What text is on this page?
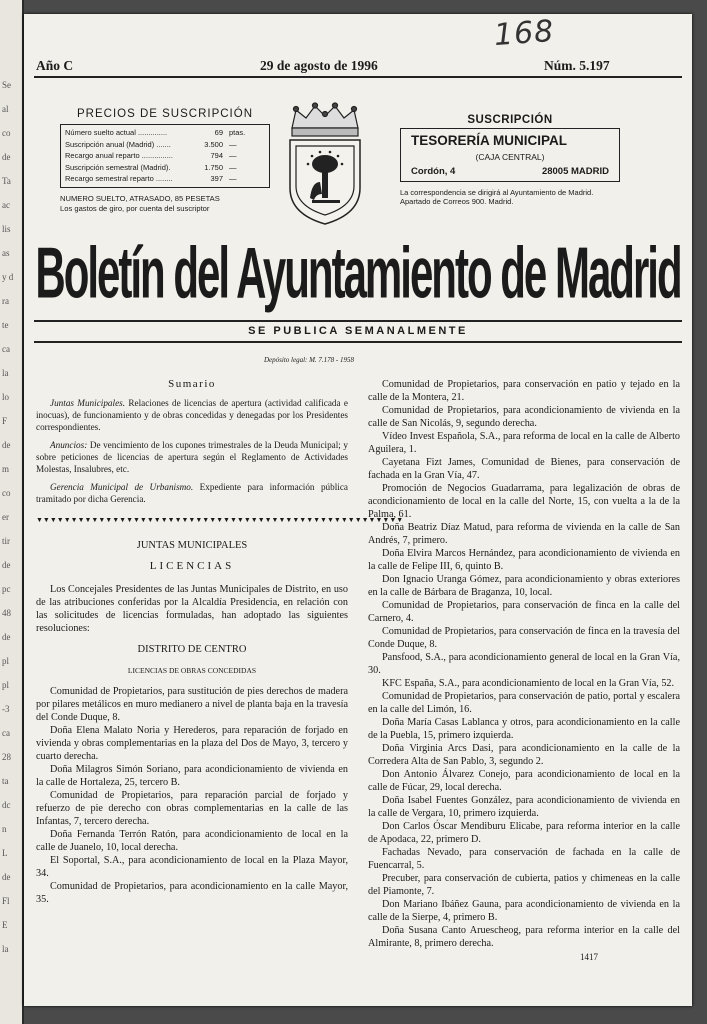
Se
al
co
de
Ta
ac
lis
as
y d
ra
te
ca
la
lo
F
de
m
co
er
tir
de
pc
48
de
pl
pl
-3
ca
28
ta
dc
n
L
de
Fl
E
la
168
Año C	29 de agosto de 1996	Núm. 5.197
PRECIOS DE SUSCRIPCIÓN
Número suelto actual ..............	69 ptas.
Suscripción anual (Madrid) .......	3.500 —
Recargo anual reparto ...............	794 —
Suscripción semestral (Madrid).	1.750 —
Recargo semestral reparto ........	397 —
NUMERO SUELTO, ATRASADO, 85 PESETAS
Los gastos de giro, por cuenta del suscriptor
SUSCRIPCIÓN
TESORERÍA MUNICIPAL
(CAJA CENTRAL)
Cordón, 4	28005 MADRID
La correspondencia se dirigirá al Ayuntamiento de Madrid. Apartado de Correos 900. Madrid.
Boletín del Ayuntamiento de Madrid
SE PUBLICA SEMANALMENTE
Depósito legal: M. 7.178 - 1958
Sumario

Juntas Municipales. Relaciones de licencias de apertura (actividad calificada e inocuas), de funcionamiento y de obras concedidas y denegadas por los Presidentes correspondientes.

Anuncios: De vencimiento de los cupones trimestrales de la Deuda Municipal; y sobre peticiones de licencias de apertura según el Reglamento de Actividades Molestas, Insalubres, etc.

Gerencia Municipal de Urbanismo. Expediente para información pública tramitado por dicha Gerencia.

▼▼▼▼▼▼▼▼▼▼▼▼▼▼▼▼▼▼▼▼▼▼▼▼▼▼▼▼▼▼▼▼▼▼▼▼▼▼▼▼▼▼▼▼▼▼▼▼▼▼▼▼▼
JUNTAS MUNICIPALES
LICENCIAS

Los Concejales Presidentes de las Juntas Municipales de Distrito, en uso de las atribuciones conferidas por la Alcaldía Presidencia, en relación con las solicitudes de licencias formuladas, han adoptado las siguientes resoluciones:

DISTRITO DE CENTRO
LICENCIAS DE OBRAS CONCEDIDAS

Comunidad de Propietarios, para sustitución de pies derechos de madera por pilares metálicos en muro medianero a nivel de planta baja en la travesía del Conde Duque, 8.

Doña Elena Malato Noria y Herederos, para reparación de forjado en vivienda y obras complementarias en la plaza del Dos de Mayo, 3, tercero y cuarto derecha.

Doña Milagros Simón Soriano, para acondicionamiento de vivienda en la calle de Hortaleza, 25, tercero B.

Comunidad de Propietarios, para reparación parcial de forjado y refuerzo de pie derecho con obras complementarias en la calle de las Infantas, 7, tercero derecha.

Doña Fernanda Terrón Ratón, para acondicionamiento de local en la calle de Juanelo, 10, local derecha.

El Soportal, S.A., para acondicionamiento de local en la Plaza Mayor, 34.

Comunidad de Propietarios, para acondicionamiento en la calle Mayor, 35.

Comunidad de Propietarios, para conservación en patio y tejado en la calle de la Montera, 21.

Comunidad de Propietarios, para acondicionamiento de vivienda en la calle de San Nicolás, 9, segundo derecha.

Vídeo Invest Española, S.A., para reforma de local en la calle de Alberto Aguilera, 1.

Cayetana Fizt James, Comunidad de Bienes, para conservación de fachada en la Gran Vía, 47.

Promoción de Negocios Guadarrama, para legalización de obras de acondicionamiento de local en la calle del Norte, 15, con vuelta a la de la Palma, 61.

Doña Beatriz Díaz Matud, para reforma de vivienda en la calle de San Andrés, 7, primero.

Doña Elvira Marcos Hernández, para acondicionamiento de vivienda en la calle de Felipe III, 6, quinto B.

Don Ignacio Uranga Gómez, para acondicionamiento y obras exteriores en la calle de Bárbara de Braganza, 10, local.

Comunidad de Propietarios, para conservación de finca en la calle del Carnero, 4.

Comunidad de Propietarios, para conservación de finca en la travesía del Conde Duque, 8.

Pansfood, S.A., para acondicionamiento general de local en la Gran Vía, 30.

KFC España, S.A., para acondicionamiento de local en la Gran Vía, 52.

Comunidad de Propietarios, para conservación de patio, portal y escalera en la calle del Limón, 16.

Doña María Casas Lablanca y otros, para acondicionamiento en la calle de la Puebla, 15, primero izquierda.

Doña Virginia Arcs Dasi, para acondicionamiento en la calle de la Corredera Alta de San Pablo, 3, segundo 2.

Don Antonio Álvarez Conejo, para acondicionamiento de local en la calle de Fúcar, 29, local derecha.

Doña Isabel Fuentes González, para acondicionamiento de vivienda en la calle de Vergara, 10, primero izquierda.

Don Carlos Óscar Mendiburu Elicabe, para reforma interior en la calle de Apodaca, 22, primero D.

Fachadas Nevado, para conservación de fachada en la calle de Fuencarral, 5.

Precuber, para conservación de cubierta, patios y chimeneas en la calle del Piamonte, 7.

Don Mariano Ibáñez Gauna, para acondicionamiento de vivienda en la calle de la Sierpe, 4, primero B.

Doña Susana Canto Aruescheog, para reforma interior en la calle del Almirante, 8, primero derecha.

1417
